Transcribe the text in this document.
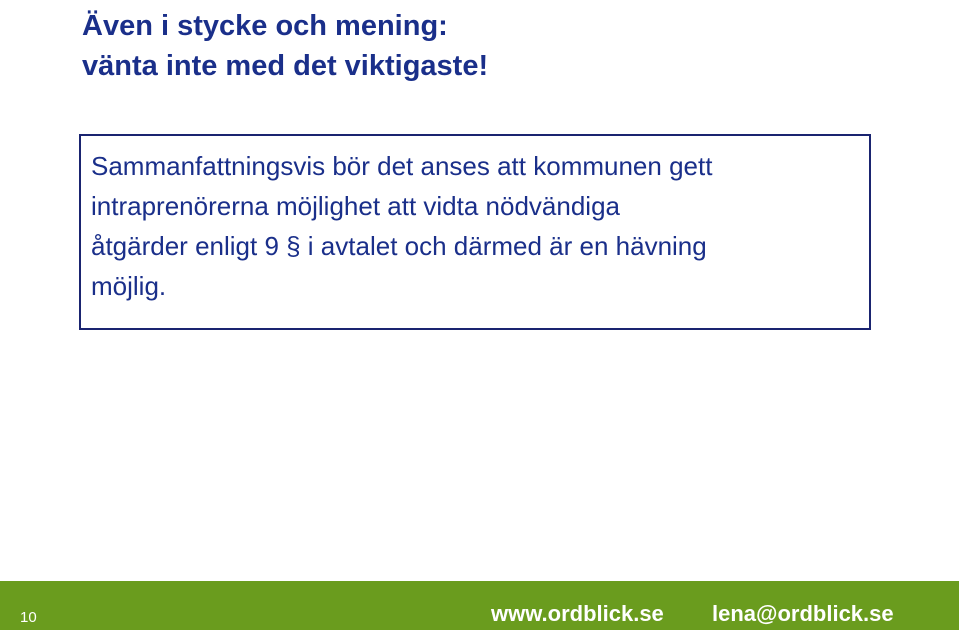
Även i stycke och mening:
vänta inte med det viktigaste!

Sammanfattningsvis bör det anses att kommunen gett
intraprenörerna möjlighet att vidta nödvändiga
åtgärder enligt 9 § i avtalet och därmed är en hävning
möjlig.

10	www.ordblick.se lena@ordblick.se
